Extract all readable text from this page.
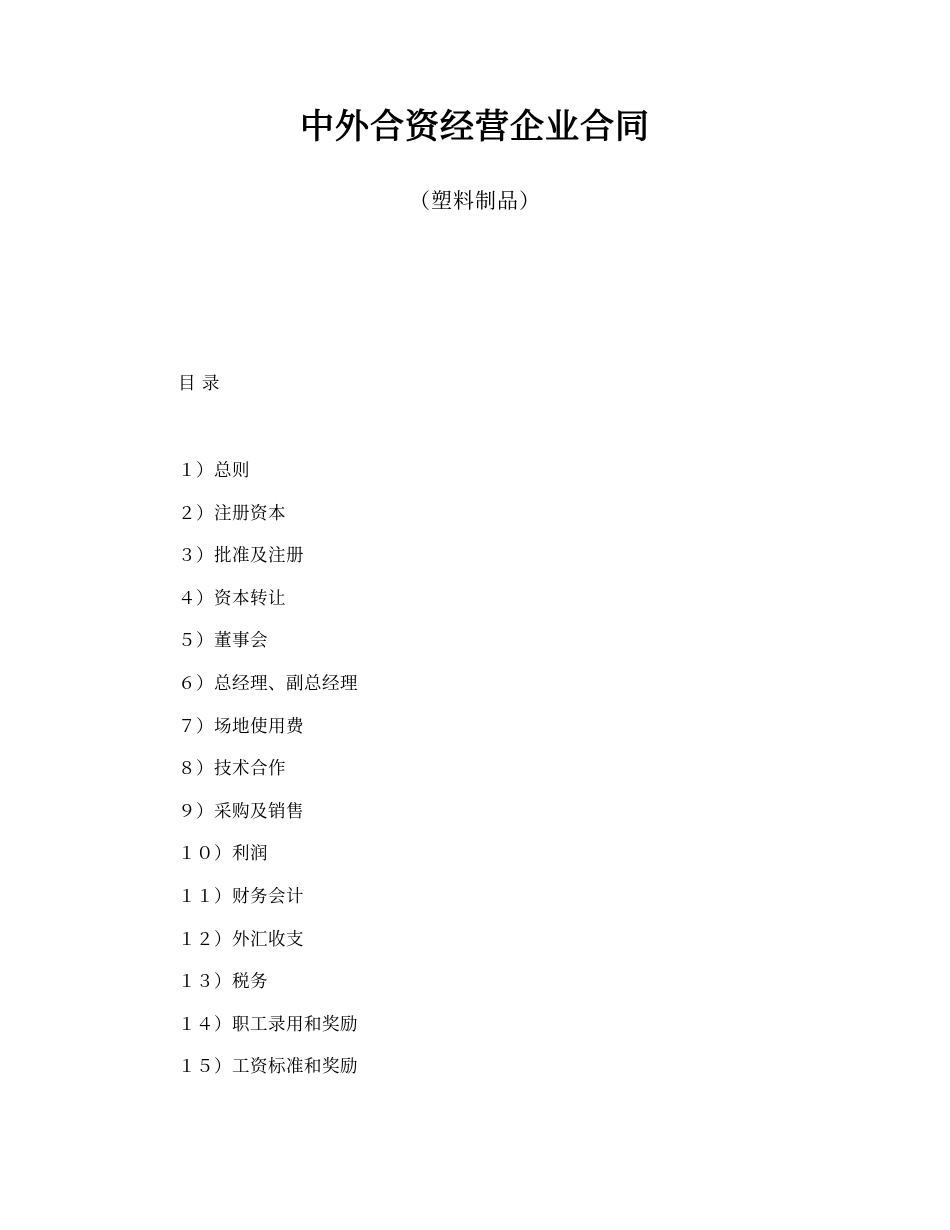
中外合资经营企业合同
（塑料制品）
目 录
１）总则
２）注册资本
３）批准及注册
４）资本转让
５）董事会
６）总经理、副总经理
７）场地使用费
８）技术合作
９）采购及销售
１０）利润
１１）财务会计
１２）外汇收支
１３）税务
１４）职工录用和奖励
１５）工资标准和奖励
